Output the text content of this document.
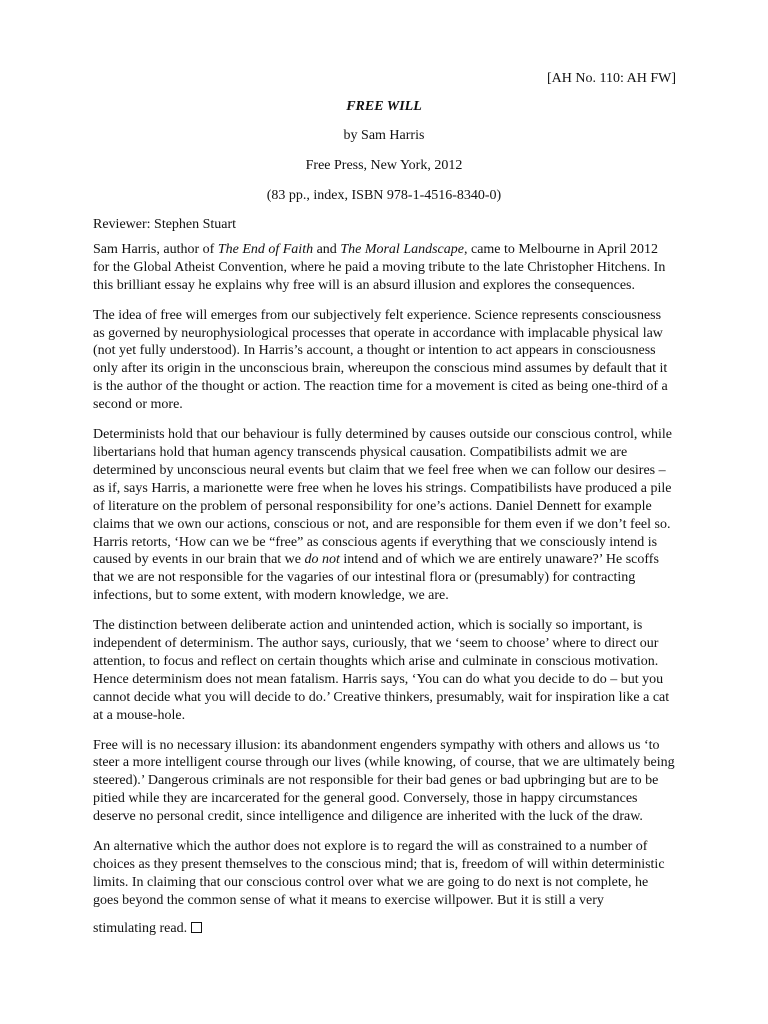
[AH No. 110: AH FW]
FREE WILL
by Sam Harris
Free Press, New York, 2012
(83 pp., index, ISBN 978-1-4516-8340-0)

Reviewer: Stephen Stuart

Sam Harris, author of The End of Faith and The Moral Landscape, came to Melbourne in April 2012 for the Global Atheist Convention, where he paid a moving tribute to the late Christopher Hitchens. In this brilliant essay he explains why free will is an absurd illusion and explores the consequences.

The idea of free will emerges from our subjectively felt experience. Science represents consciousness as governed by neurophysiological processes that operate in accordance with implacable physical law (not yet fully understood). In Harris’s account, a thought or intention to act appears in consciousness only after its origin in the unconscious brain, whereupon the conscious mind assumes by default that it is the author of the thought or action. The reaction time for a movement is cited as being one-third of a second or more.

Determinists hold that our behaviour is fully determined by causes outside our conscious control, while libertarians hold that human agency transcends physical causation. Compatibilists admit we are determined by unconscious neural events but claim that we feel free when we can follow our desires – as if, says Harris, a marionette were free when he loves his strings. Compatibilists have produced a pile of literature on the problem of personal responsibility for one’s actions. Daniel Dennett for example claims that we own our actions, conscious or not, and are responsible for them even if we don’t feel so. Harris retorts, ‘How can we be “free” as conscious agents if everything that we consciously intend is caused by events in our brain that we do not intend and of which we are entirely unaware?’ He scoffs that we are not responsible for the vagaries of our intestinal flora or (presumably) for contracting infections, but to some extent, with modern knowledge, we are.

The distinction between deliberate action and unintended action, which is socially so important, is independent of determinism. The author says, curiously, that we ‘seem to choose’ where to direct our attention, to focus and reflect on certain thoughts which arise and culminate in conscious motivation. Hence determinism does not mean fatalism. Harris says, ‘You can do what you decide to do – but you cannot decide what you will decide to do.’ Creative thinkers, presumably, wait for inspiration like a cat at a mouse-hole.

Free will is no necessary illusion: its abandonment engenders sympathy with others and allows us ‘to steer a more intelligent course through our lives (while knowing, of course, that we are ultimately being steered).’ Dangerous criminals are not responsible for their bad genes or bad upbringing but are to be pitied while they are incarcerated for the general good. Conversely, those in happy circumstances deserve no personal credit, since intelligence and diligence are inherited with the luck of the draw.

An alternative which the author does not explore is to regard the will as constrained to a number of choices as they present themselves to the conscious mind; that is, freedom of will within deterministic limits. In claiming that our conscious control over what we are going to do next is not complete, he goes beyond the common sense of what it means to exercise willpower. But it is still a very

stimulating read.
